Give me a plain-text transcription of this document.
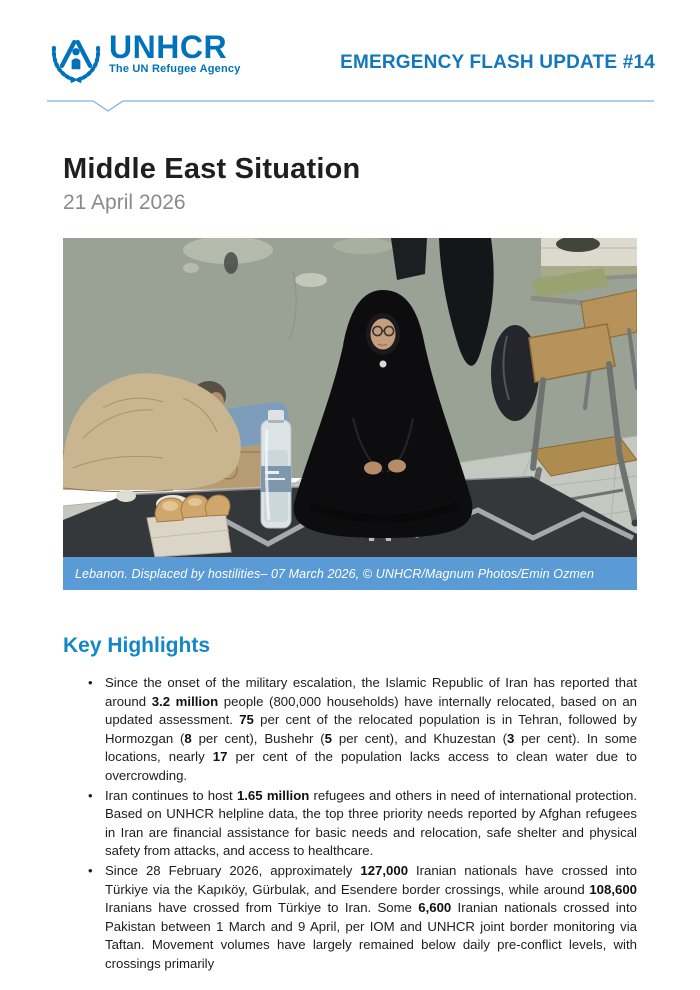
UNHCR
The UN Refugee Agency	EMERGENCY FLASH UPDATE #14
Middle East Situation
21 April 2026
Lebanon. Displaced by hostilities– 07 March 2026, © UNHCR/Magnum Photos/Emin Ozmen
Key Highlights
• Since the onset of the military escalation, the Islamic Republic of Iran has reported that around 3.2 million people (800,000 households) have internally relocated, based on an updated assessment. 75 per cent of the relocated population is in Tehran, followed by Hormozgan (8 per cent), Bushehr (5 per cent), and Khuzestan (3 per cent). In some locations, nearly 17 per cent of the population lacks access to clean water due to overcrowding.
• Iran continues to host 1.65 million refugees and others in need of international protection. Based on UNHCR helpline data, the top three priority needs reported by Afghan refugees in Iran are financial assistance for basic needs and relocation, safe shelter and physical safety from attacks, and access to healthcare.
• Since 28 February 2026, approximately 127,000 Iranian nationals have crossed into Türkiye via the Kapıköy, Gürbulak, and Esendere border crossings, while around 108,600 Iranians have crossed from Türkiye to Iran. Some 6,600 Iranian nationals crossed into Pakistan between 1 March and 9 April, per IOM and UNHCR joint border monitoring via Taftan. Movement volumes have largely remained below daily pre-conflict levels, with crossings primarily
